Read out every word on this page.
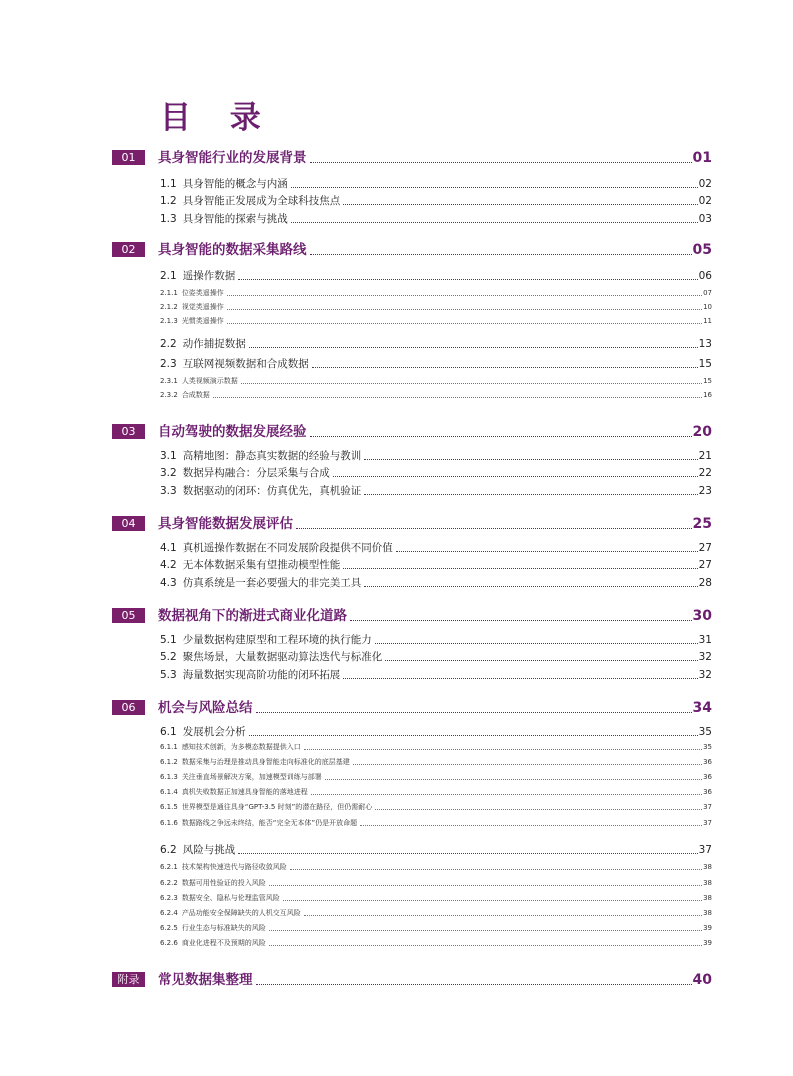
目 录
01	具身智能行业的发展背景	01
1.1 具身智能的概念与内涵	02
1.2 具身智能正发展成为全球科技焦点	02
1.3 具身智能的探索与挑战	03
02	具身智能的数据采集路线	05
2.1 遥操作数据	06
2.1.1 位姿类遥操作	07
2.1.2 视觉类遥操作	10
2.1.3 光惯类遥操作	11
2.2 动作捕捉数据	13
2.3 互联网视频数据和合成数据	15
2.3.1 人类视频演示数据	15
2.3.2 合成数据	16
03	自动驾驶的数据发展经验	20
3.1 高精地图：静态真实数据的经验与教训	21
3.2 数据异构融合：分层采集与合成	22
3.3 数据驱动的闭环：仿真优先，真机验证	23
04	具身智能数据发展评估	25
4.1 真机遥操作数据在不同发展阶段提供不同价值	27
4.2 无本体数据采集有望推动模型性能	27
4.3 仿真系统是一套必要强大的非完美工具	28
05	数据视角下的渐进式商业化道路	30
5.1 少量数据构建原型和工程环境的执行能力	31
5.2 聚焦场景，大量数据驱动算法迭代与标准化	32
5.3 海量数据实现高阶功能的闭环拓展	32
06	机会与风险总结	34
6.1 发展机会分析	35
6.1.1 感知技术创新，为多模态数据提供入口	35
6.1.2 数据采集与治理是推动具身智能走向标准化的底层基建	36
6.1.3 关注垂直场景解决方案，加速模型训练与部署	36
6.1.4 真机失败数据正加速具身智能的落地进程	36
6.1.5 世界模型是通往具身“GPT-3.5 时刻”的潜在路径，但仍需耐心	37
6.1.6 数据路线之争远未终结，能否“完全无本体”仍是开放命题	37
6.2 风险与挑战	37
6.2.1 技术架构快速迭代与路径收敛风险	38
6.2.2 数据可用性验证的投入风险	38
6.2.3 数据安全、隐私与伦理监管风险	38
6.2.4 产品功能安全保障缺失的人机交互风险	38
6.2.5 行业生态与标准缺失的风险	39
6.2.6 商业化进程不及预期的风险	39
附录	常见数据集整理	40
